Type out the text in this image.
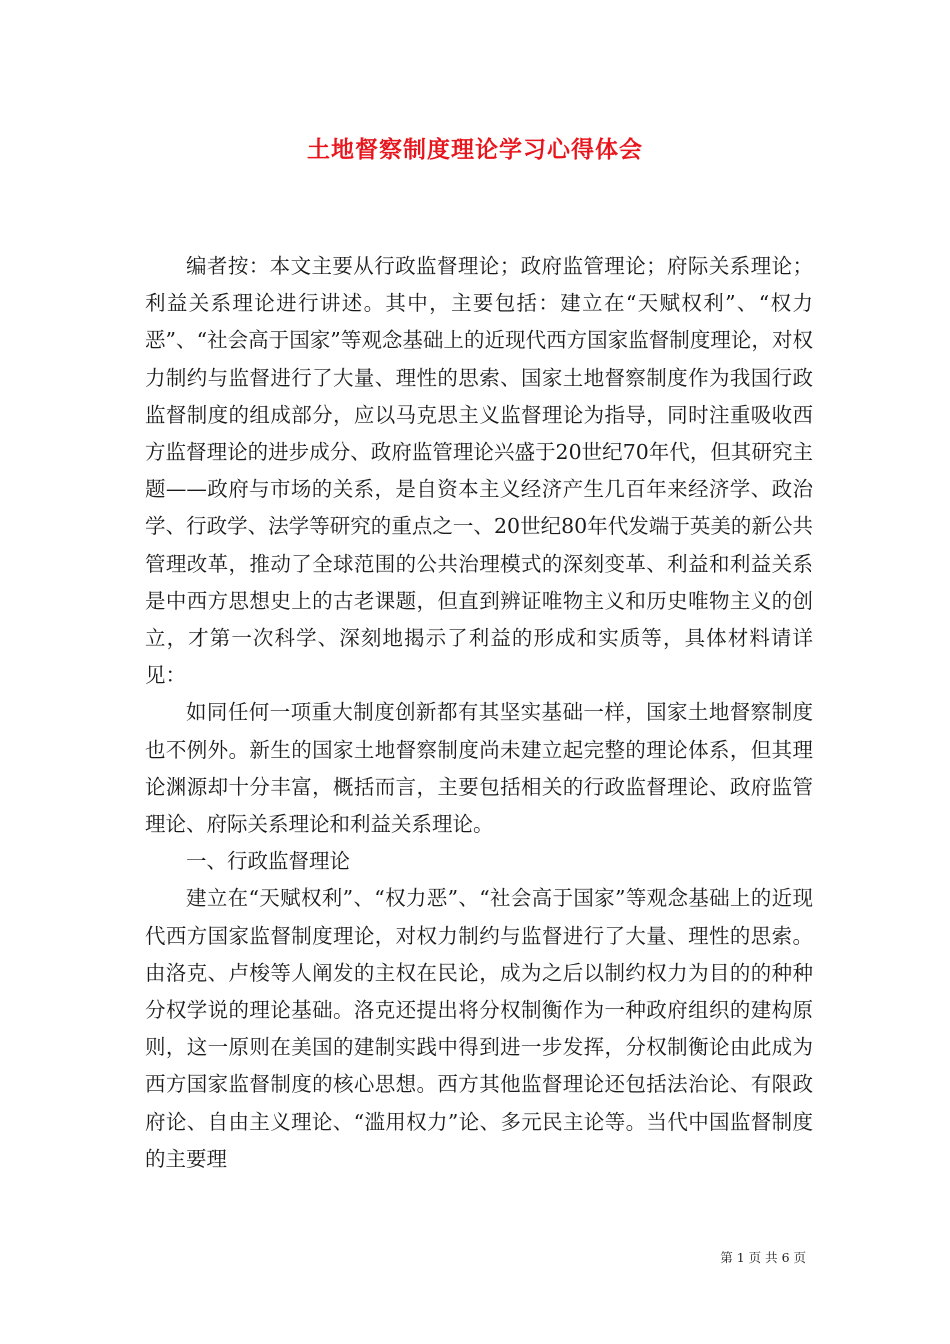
土地督察制度理论学习心得体会

编者按：本文主要从行政监督理论；政府监管理论；府际关系理论；利益关系理论进行讲述。其中，主要包括：建立在“天赋权利”、“权力恶”、“社会高于国家”等观念基础上的近现代西方国家监督制度理论，对权力制约与监督进行了大量、理性的思索、国家土地督察制度作为我国行政监督制度的组成部分，应以马克思主义监督理论为指导，同时注重吸收西方监督理论的进步成分、政府监管理论兴盛于20世纪70年代，但其研究主题——政府与市场的关系，是自资本主义经济产生几百年来经济学、政治学、行政学、法学等研究的重点之一、20世纪80年代发端于英美的新公共管理改革，推动了全球范围的公共治理模式的深刻变革、利益和利益关系是中西方思想史上的古老课题，但直到辨证唯物主义和历史唯物主义的创立，才第一次科学、深刻地揭示了利益的形成和实质等，具体材料请详见：

如同任何一项重大制度创新都有其坚实基础一样，国家土地督察制度也不例外。新生的国家土地督察制度尚未建立起完整的理论体系，但其理论渊源却十分丰富，概括而言，主要包括相关的行政监督理论、政府监管理论、府际关系理论和利益关系理论。

一、行政监督理论

建立在“天赋权利”、“权力恶”、“社会高于国家”等观念基础上的近现代西方国家监督制度理论，对权力制约与监督进行了大量、理性的思索。由洛克、卢梭等人阐发的主权在民论，成为之后以制约权力为目的的种种分权学说的理论基础。洛克还提出将分权制衡作为一种政府组织的建构原则，这一原则在美国的建制实践中得到进一步发挥，分权制衡论由此成为西方国家监督制度的核心思想。西方其他监督理论还包括法治论、有限政府论、自由主义理论、“滥用权力”论、多元民主论等。当代中国监督制度的主要理

第 1 页 共 6 页
